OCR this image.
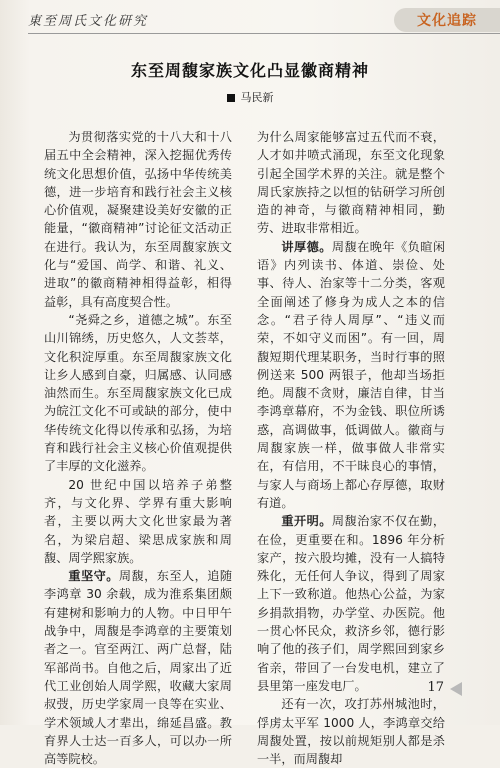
東至周氏文化研究	文化追踪
东至周馥家族文化凸显徽商精神
马民新

为贯彻落实党的十八大和十八届五中全会精神，深入挖掘优秀传统文化思想价值，弘扬中华传统美德，进一步培育和践行社会主义核心价值观，凝聚建设美好安徽的正能量，“徽商精神”讨论征文活动正在进行。我认为，东至周馥家族文化与“爱国、尚学、和谐、礼义、进取”的徽商精神相得益彰，相得益彰，具有高度契合性。

“尧舜之乡，道德之城”。东至山川锦绣，历史悠久，人文荟萃，文化积淀厚重。东至周馥家族文化让乡人感到自豪，归属感、认同感油然而生。东至周馥家族文化已成为皖江文化不可或缺的部分，使中华传统文化得以传承和弘扬，为培育和践行社会主义核心价值观提供了丰厚的文化滋养。

20 世纪中国以培养子弟整齐，与文化界、学界有重大影响者，主要以两大文化世家最为著名，为梁启超、梁思成家族和周馥、周学熙家族。

重坚守。周馥，东至人，追随李鸿章 30 余载，成为淮系集团颇有建树和影响力的人物。中日甲午战争中，周馥是李鸿章的主要策划者之一。官至两江、两广总督，陆军部尚书。自他之后，周家出了近代工业创始人周学熙，收藏大家周叔弢，历史学家周一良等在实业、学术领域人才辈出，绵延昌盛。教育界人士达一百多人，可以办一所高等院校。

为什么周家能够富过五代而不衰，人才如井喷式涌现，东至文化现象引起全国学术界的关注。就是整个周氏家族持之以恒的钻研学习所创造的神奇，与徽商精神相同，勤劳、进取非常相近。

讲厚德。周馥在晚年《负暄闲语》内列读书、体道、崇俭、处事、待人、治家等十二分类，客观全面阐述了修身为成人之本的信念。“君子待人周厚”、“违义而荣，不如守义而困”。有一回，周馥短期代理某职务，当时行事的照例送来 500 两银子，他却当场拒绝。周馥不贪财，廉洁自律，甘当李鸿章幕府，不为金钱、职位所诱惑，高调做事，低调做人。徽商与周馥家族一样，做事做人非常实在，有信用，不干昧良心的事情，与家人与商场上都心存厚德，取财有道。

重开明。周馥治家不仅在勤，在俭，更重要在和。1896 年分析家产，按六股均摊，没有一人搞特殊化，无任何人争议，得到了周家上下一致称道。他热心公益，为家乡捐款捐物，办学堂、办医院。他一贯心怀民众，救济乡邻，德行影响了他的孩子们，周学熙回到家乡省亲，带回了一台发电机，建立了县里第一座发电厂。

还有一次，攻打苏州城池时，俘虏太平军 1000 人，李鸿章交给周馥处置，按以前规矩别人都是杀一半，而周馥却

17
